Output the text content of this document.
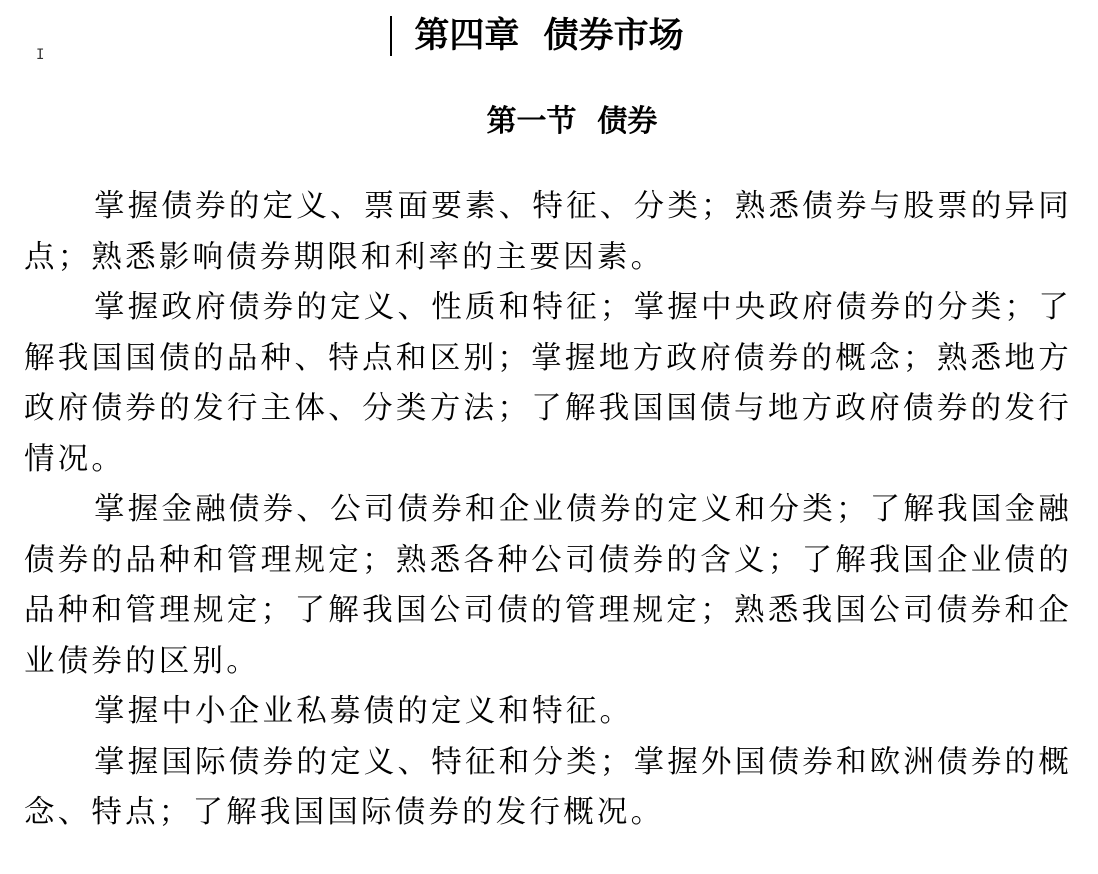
I	第四章  债券市场
第一节  债券

掌握债券的定义、票面要素、特征、分类；熟悉债券与股票的异同点；熟悉影响债券期限和利率的主要因素。

掌握政府债券的定义、性质和特征；掌握中央政府债券的分类；了解我国国债的品种、特点和区别；掌握地方政府债券的概念；熟悉地方政府债券的发行主体、分类方法；了解我国国债与地方政府债券的发行情况。

掌握金融债券、公司债券和企业债券的定义和分类；了解我国金融债券的品种和管理规定；熟悉各种公司债券的含义；了解我国企业债的品种和管理规定；了解我国公司债的管理规定；熟悉我国公司债券和企业债券的区别。

掌握中小企业私募债的定义和特征。

掌握国际债券的定义、特征和分类；掌握外国债券和欧洲债券的概念、特点；了解我国国际债券的发行概况。
